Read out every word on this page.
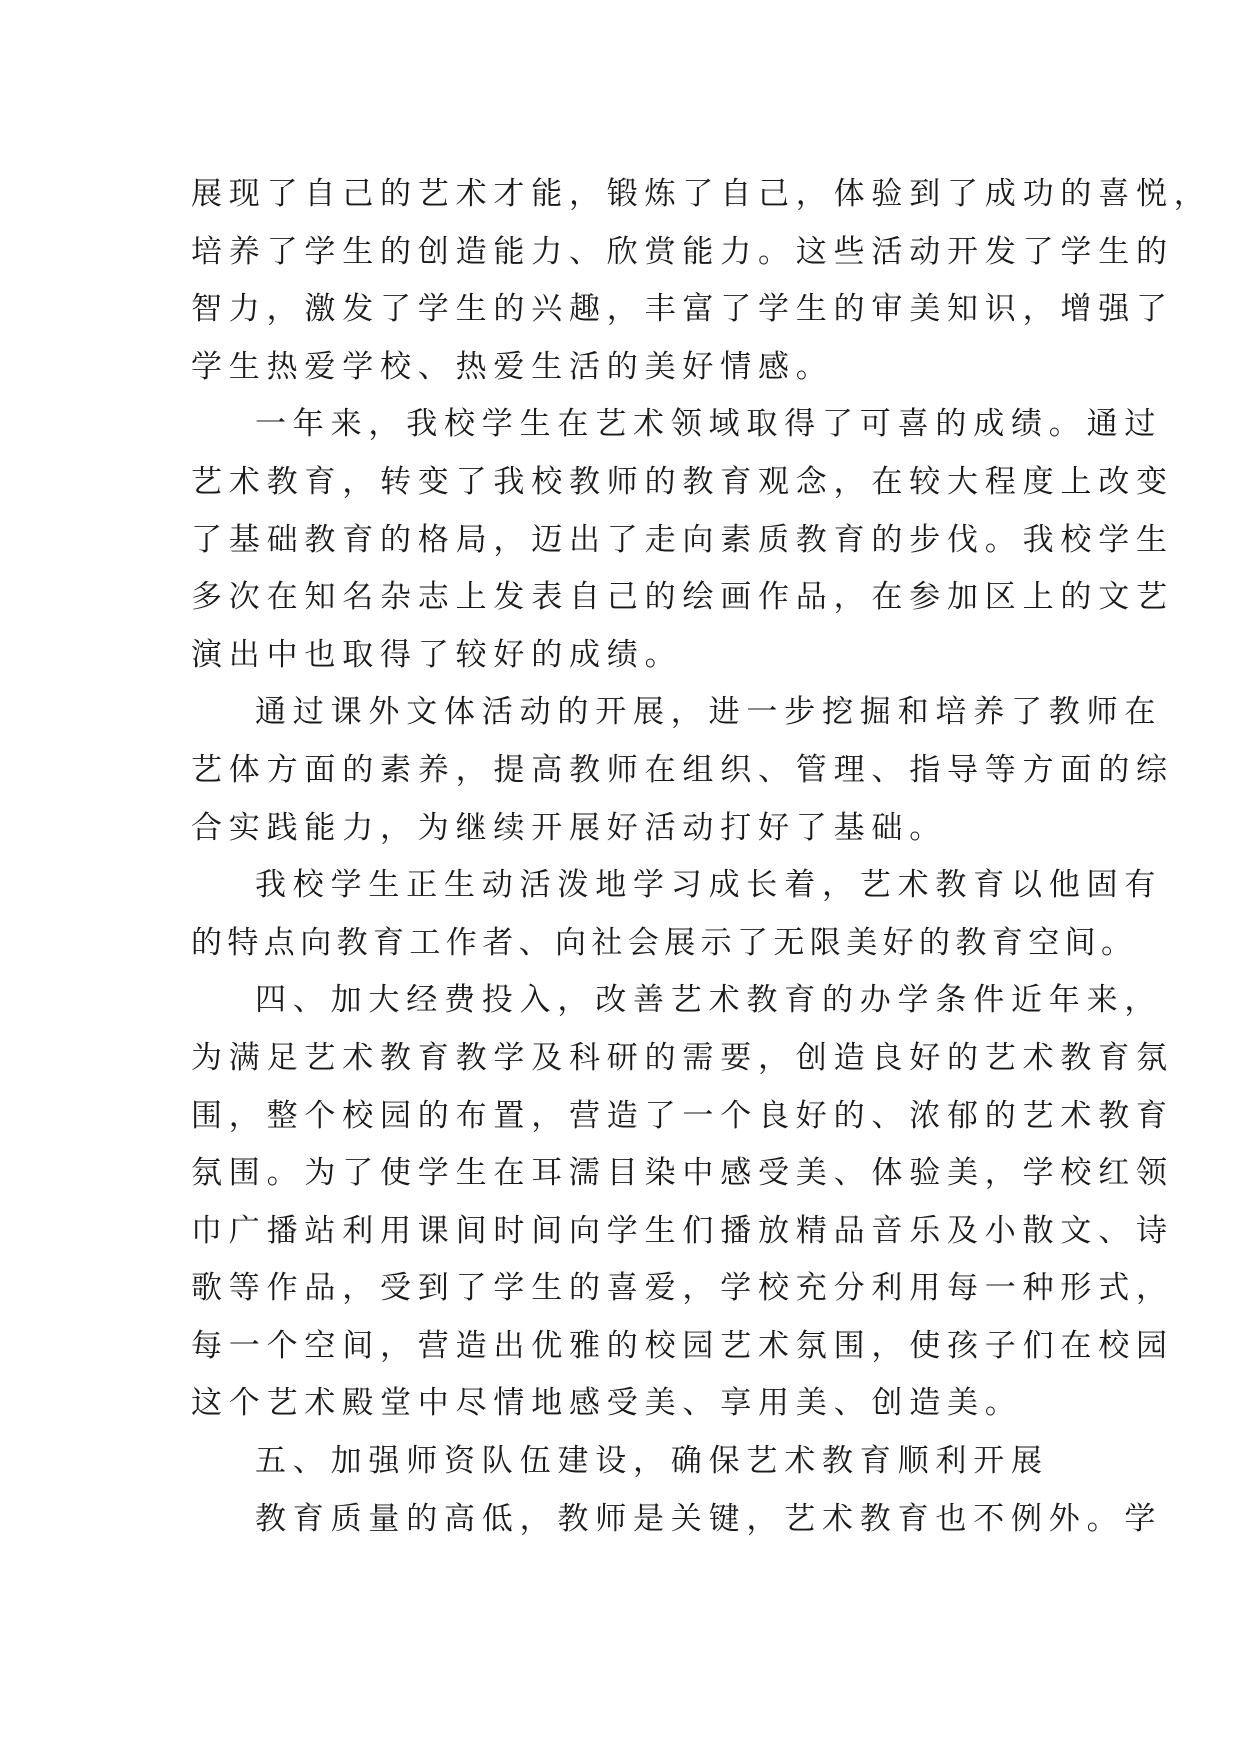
展现了自己的艺术才能，锻炼了自己，体验到了成功的喜悦，
培养了学生的创造能力、欣赏能力。这些活动开发了学生的
智力，激发了学生的兴趣，丰富了学生的审美知识，增强了
学生热爱学校、热爱生活的美好情感。
一年来，我校学生在艺术领域取得了可喜的成绩。通过
艺术教育，转变了我校教师的教育观念，在较大程度上改变
了基础教育的格局，迈出了走向素质教育的步伐。我校学生
多次在知名杂志上发表自己的绘画作品，在参加区上的文艺
演出中也取得了较好的成绩。
通过课外文体活动的开展，进一步挖掘和培养了教师在
艺体方面的素养，提高教师在组织、管理、指导等方面的综
合实践能力，为继续开展好活动打好了基础。
我校学生正生动活泼地学习成长着，艺术教育以他固有
的特点向教育工作者、向社会展示了无限美好的教育空间。
四、加大经费投入，改善艺术教育的办学条件近年来，
为满足艺术教育教学及科研的需要，创造良好的艺术教育氛
围，整个校园的布置，营造了一个良好的、浓郁的艺术教育
氛围。为了使学生在耳濡目染中感受美、体验美，学校红领
巾广播站利用课间时间向学生们播放精品音乐及小散文、诗
歌等作品，受到了学生的喜爱，学校充分利用每一种形式，
每一个空间，营造出优雅的校园艺术氛围，使孩子们在校园
这个艺术殿堂中尽情地感受美、享用美、创造美。
五、加强师资队伍建设，确保艺术教育顺利开展
教育质量的高低，教师是关键，艺术教育也不例外。学
